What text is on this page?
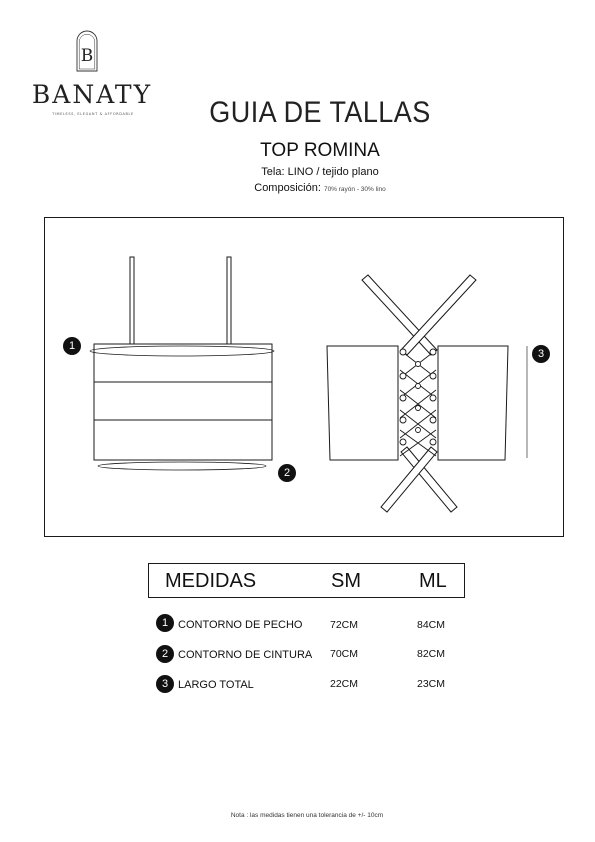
B
BANATY
TIMELESS, ELEGANT & AFFORDABLE	GUIA DE TALLAS
TOP ROMINA
Tela: LINO / tejido plano
Composición: 70% rayón - 30% lino
1
2
3
MEDIDAS	SM	ML
1 CONTORNO DE PECHO	72CM	84CM
2 CONTORNO DE CINTURA 70CM	82CM
3 LARGO TOTAL	22CM	23CM
Nota : las medidas tienen una tolerancia de +/- 10cm
